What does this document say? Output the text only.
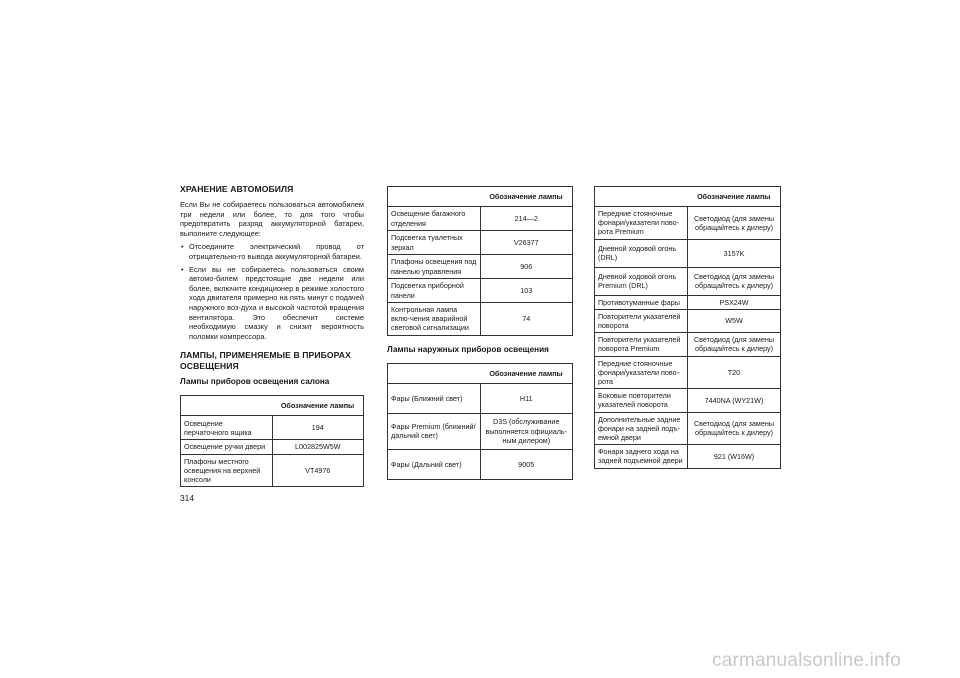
ХРАНЕНИЕ АВТОМОБИЛЯ

Если Вы не собираетесь пользоваться автомобилем три недели или более, то для того чтобы предотвратить разряд аккумуляторной батареи, выполните следующее:

• Отсоедините электрический провод от отрицательно-го вывода аккумуляторной батареи.
• Если вы не собираетесь пользоваться своим автомо-билем предстоящие две недели или более, включите кондиционер в режиме холостого хода двигателя примерно на пять минут с подачей наружного воз-духа и высокой частотой вращения вентилятора. Это обеспечит системе необходимую смазку и снизит вероятность поломки компрессора.
ЛАМПЫ, ПРИМЕНЯЕМЫЕ В ПРИБОРАХ ОСВЕЩЕНИЯ
Лампы приборов освещения салона
	Обозначение лампы
Освещение перчаточного ящика	194
Освещение ручки двери	L002825W5W
Плафоны местного освещения на верхней консоли	VT4976
	Обозначение лампы
Освещение багажного отделения	214—2
Подсветка туалетных зеркал	V26377
Плафоны освещения под панелью управления	906
Подсветка приборной панели	103
Контрольная лампа вклю-чения аварийной световой сигнализации	74
Лампы наружных приборов освещения
	Обозначение лампы
Фары (Ближний свет)	H11
Фары Premium (ближний/ дальний свет)	D3S (обслуживание выполняется официаль-ным дилером)
Фары (Дальний свет)	9005
	Обозначение лампы
Передние стояночные фонари/указатели пово-рота Premium	Светодиод (для замены обращайтесь к дилеру)
Дневной ходовой огонь (DRL)	3157K
Дневной ходовой огонь Premium (DRL)	Светодиод (для замены обращайтесь к дилеру)
Противотуманные фары	PSX24W
Повторители указателей поворота	W5W
Повторители указателей поворота Premium	Светодиод (для замены обращайтесь к дилеру)
Передние стояночные фонари/указатели пово-рота	T20
Боковые повторители указателей поворота	7440NA (WY21W)
Дополнительные задние фонари на задней подъ-емной двери	Светодиод (для замены обращайтесь к дилеру)
Фонари заднего хода на задней подъемной двери	921 (W16W)
314
carmanualsonline.info
